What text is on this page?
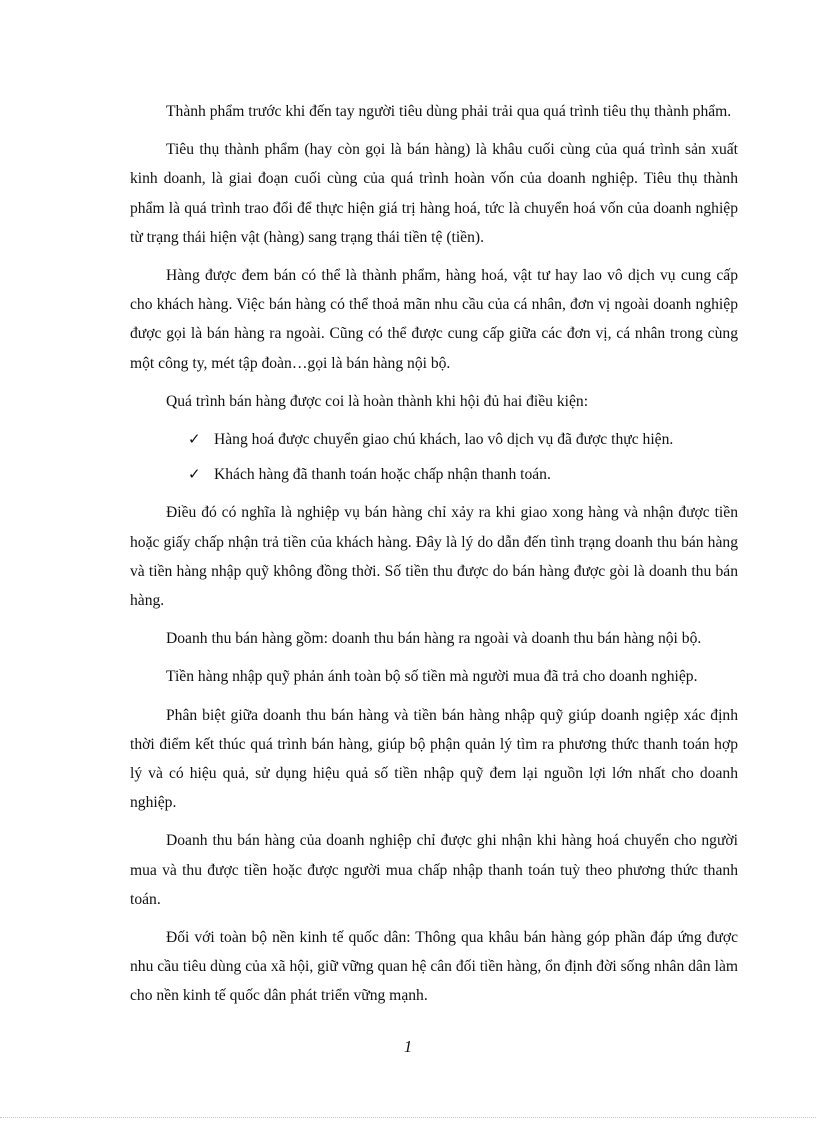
Thành phẩm trước khi đến tay người tiêu dùng phải trải qua quá trình tiêu thụ thành phẩm.

Tiêu thụ thành phẩm (hay còn gọi là bán hàng) là khâu cuối cùng của quá trình sản xuất kinh doanh, là giai đoạn cuối cùng của quá trình hoàn vốn của doanh nghiệp. Tiêu thụ thành phẩm là quá trình trao đổi để thực hiện giá trị hàng hoá, tức là chuyển hoá vốn của doanh nghiệp từ trạng thái hiện vật (hàng) sang trạng thái tiền tệ (tiền).

Hàng được đem bán có thể là thành phẩm, hàng hoá, vật tư hay lao vô dịch vụ cung cấp cho khách hàng. Việc bán hàng có thể thoả mãn nhu cầu của cá nhân, đơn vị ngoài doanh nghiệp được gọi là bán hàng ra ngoài. Cũng có thể được cung cấp giữa các đơn vị, cá nhân trong cùng một công ty, mét tập đoàn…gọi là bán hàng nội bộ.

Quá trình bán hàng được coi là hoàn thành khi hội đủ hai điều kiện:

✓ Hàng hoá được chuyển giao chú khách, lao vô dịch vụ đã được thực hiện.
✓ Khách hàng đã thanh toán hoặc chấp nhận thanh toán.

Điều đó có nghĩa là nghiệp vụ bán hàng chỉ xảy ra khi giao xong hàng và nhận được tiền hoặc giấy chấp nhận trả tiền của khách hàng. Đây là lý do dẫn đến tình trạng doanh thu bán hàng và tiền hàng nhập quỹ không đồng thời. Số tiền thu được do bán hàng được gòi là doanh thu bán hàng.

Doanh thu bán hàng gồm: doanh thu bán hàng ra ngoài và doanh thu bán hàng nội bộ.

Tiền hàng nhập quỹ phản ánh toàn bộ số tiền mà người mua đã trả cho doanh nghiệp.

Phân biệt giữa doanh thu bán hàng và tiền bán hàng nhập quỹ giúp doanh ngiệp xác định thời điểm kết thúc quá trình bán hàng, giúp bộ phận quản lý tìm ra phương thức thanh toán hợp lý và có hiệu quả, sử dụng hiệu quả số tiền nhập quỹ đem lại nguồn lợi lớn nhất cho doanh nghiệp.

Doanh thu bán hàng của doanh nghiệp chỉ được ghi nhận khi hàng hoá chuyển cho người mua và thu được tiền hoặc được người mua chấp nhập thanh toán tuỳ theo phương thức thanh toán.

Đối với toàn bộ nền kinh tế quốc dân: Thông qua khâu bán hàng góp phần đáp ứng được nhu cầu tiêu dùng của xã hội, giữ vững quan hệ cân đối tiền hàng, ổn định đời sống nhân dân làm cho nền kinh tế quốc dân phát triển vững mạnh.

1
